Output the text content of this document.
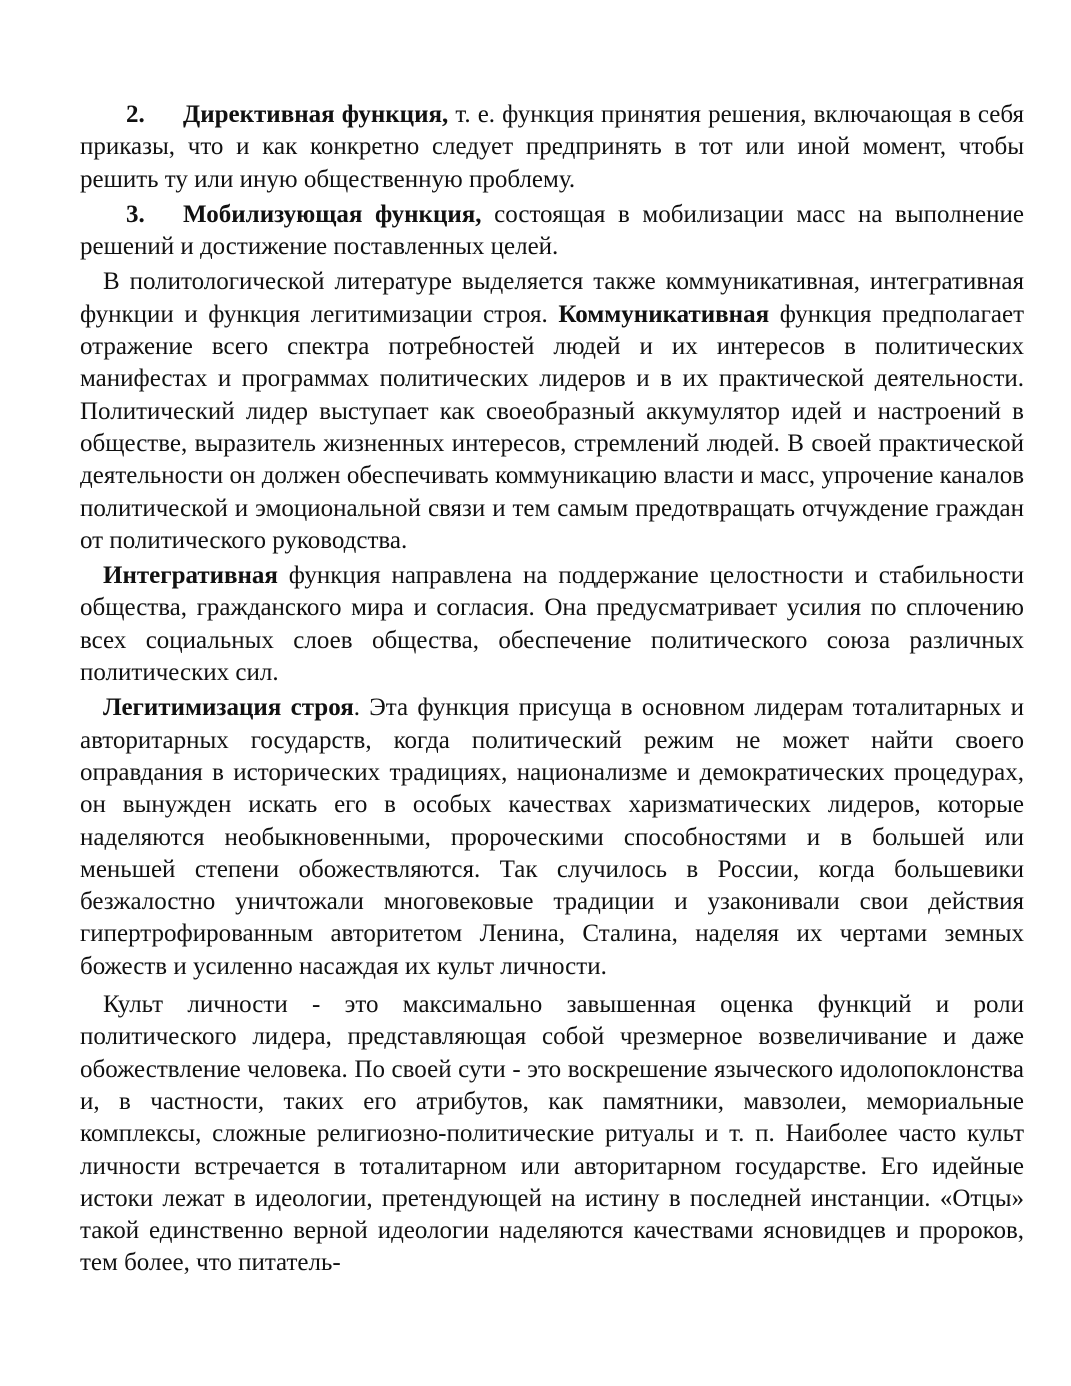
2. Директивная функция, т. е. функция принятия решения, включающая в себя приказы, что и как конкретно следует предпринять в тот или иной момент, чтобы решить ту или иную общественную проблему.

3. Мобилизующая функция, состоящая в мобилизации масс на выполнение решений и достижение поставленных целей.

В политологической литературе выделяется также коммуникативная, интегративная функции и функция легитимизации строя. Коммуникативная функция предполагает отражение всего спектра потребностей людей и их интересов в политических манифестах и программах политических лидеров и в их практической деятельности. Политический лидер выступает как своеобразный аккумулятор идей и настроений в обществе, выразитель жизненных интересов, стремлений людей. В своей практической деятельности он должен обеспечивать коммуникацию власти и масс, упрочение каналов политической и эмоциональной связи и тем самым предотвращать отчуждение граждан от политического руководства.

Интегративная функция направлена на поддержание целостности и стабильности общества, гражданского мира и согласия. Она предусматривает усилия по сплочению всех социальных слоев общества, обеспечение политического союза различных политических сил.

Легитимизация строя. Эта функция присуща в основном лидерам тоталитарных и авторитарных государств, когда политический режим не может найти своего оправдания в исторических традициях, национализме и демократических процедурах, он вынужден искать его в особых качествах харизматических лидеров, которые наделяются необыкновенными, пророческими способностями и в большей или меньшей степени обожествляются. Так случилось в России, когда большевики безжалостно уничтожали многовековые традиции и узаконивали свои действия гипертрофированным авторитетом Ленина, Сталина, наделяя их чертами земных божеств и усиленно насаждая их культ личности.

Культ личности - это максимально завышенная оценка функций и роли политического лидера, представляющая собой чрезмерное возвеличивание и даже обожествление человека. По своей сути - это воскрешение языческого идолопоклонства и, в частности, таких его атрибутов, как памятники, мавзолеи, мемориальные комплексы, сложные религиозно-политические ритуалы и т. п. Наиболее часто культ личности встречается в тоталитарном или авторитарном государстве. Его идейные истоки лежат в идеологии, претендующей на истину в последней инстанции. «Отцы» такой единственно верной идеологии наделяются качествами ясновидцев и пророков, тем более, что питатель-
